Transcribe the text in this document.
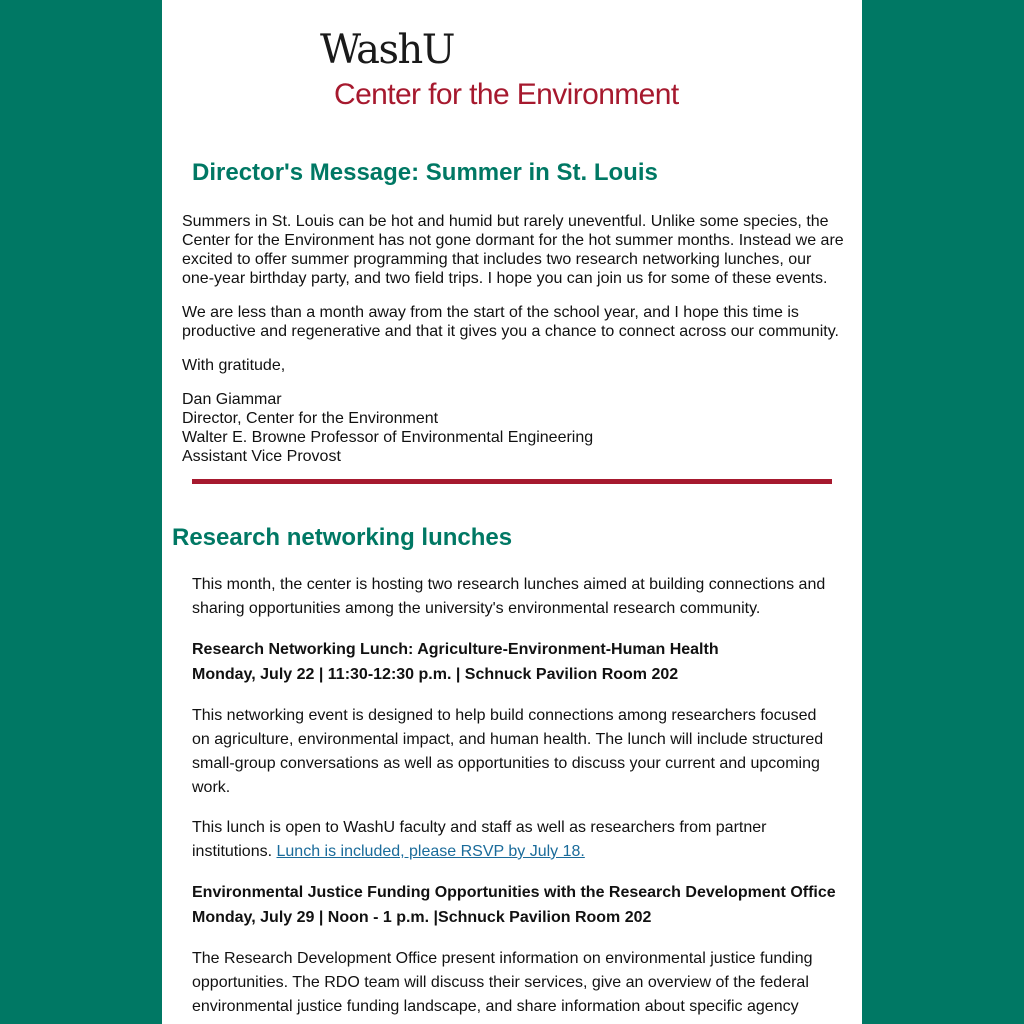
WashU
Center for the Environment
Director's Message: Summer in St. Louis

Summers in St. Louis can be hot and humid but rarely uneventful. Unlike some species, the Center for the Environment has not gone dormant for the hot summer months. Instead we are excited to offer summer programming that includes two research networking lunches, our one-year birthday party, and two field trips. I hope you can join us for some of these events.

We are less than a month away from the start of the school year, and I hope this time is productive and regenerative and that it gives you a chance to connect across our community.

With gratitude,

Dan Giammar
Director, Center for the Environment
Walter E. Browne Professor of Environmental Engineering
Assistant Vice Provost
Research networking lunches

This month, the center is hosting two research lunches aimed at building connections and sharing opportunities among the university's environmental research community.

Research Networking Lunch: Agriculture-Environment-Human Health
Monday, July 22 | 11:30-12:30 p.m. | Schnuck Pavilion Room 202

This networking event is designed to help build connections among researchers focused on agriculture, environmental impact, and human health. The lunch will include structured small-group conversations as well as opportunities to discuss your current and upcoming work.

This lunch is open to WashU faculty and staff as well as researchers from partner institutions. Lunch is included, please RSVP by July 18.

Environmental Justice Funding Opportunities with the Research Development Office
Monday, July 29 | Noon - 1 p.m. |Schnuck Pavilion Room 202

The Research Development Office present information on environmental justice funding opportunities. The RDO team will discuss their services, give an overview of the federal environmental justice funding landscape, and share information about specific agency
